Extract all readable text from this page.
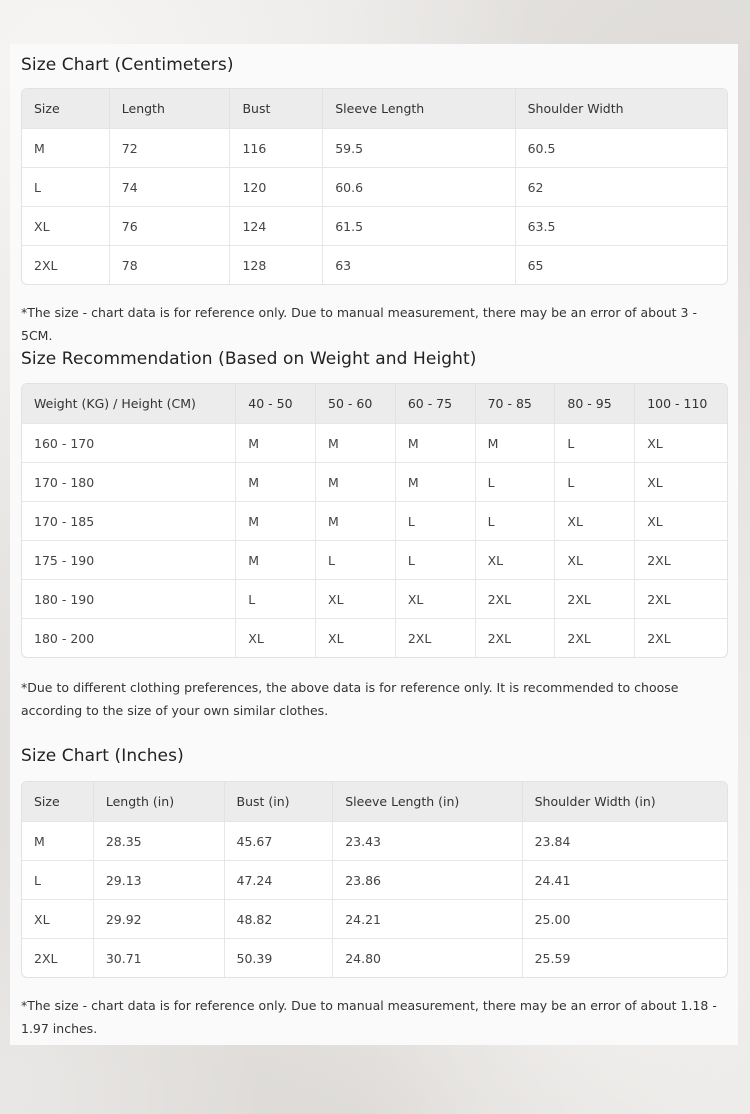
Size Chart (Centimeters)
Size	Length	Bust	Sleeve Length	Shoulder Width
M	72	116	59.5	60.5
L	74	120	60.6	62
XL	76	124	61.5	63.5
2XL	78	128	63	65
*The size - chart data is for reference only. Due to manual measurement, there may be an error of about 3 - 5CM.
Size Recommendation (Based on Weight and Height)
Weight (KG) / Height (CM)	40 - 50	50 - 60	60 - 75	70 - 85	80 - 95	100 - 110
160 - 170	M	M	M	M	L	XL
170 - 180	M	M	M	L	L	XL
170 - 185	M	M	L	L	XL	XL
175 - 190	M	L	L	XL	XL	2XL
180 - 190	L	XL	XL	2XL	2XL	2XL
180 - 200	XL	XL	2XL	2XL	2XL	2XL
*Due to different clothing preferences, the above data is for reference only. It is recommended to choose according to the size of your own similar clothes.
Size Chart (Inches)
Size	Length (in)	Bust (in)	Sleeve Length (in)	Shoulder Width (in)
M	28.35	45.67	23.43	23.84
L	29.13	47.24	23.86	24.41
XL	29.92	48.82	24.21	25.00
2XL	30.71	50.39	24.80	25.59
*The size - chart data is for reference only. Due to manual measurement, there may be an error of about 1.18 - 1.97 inches.
